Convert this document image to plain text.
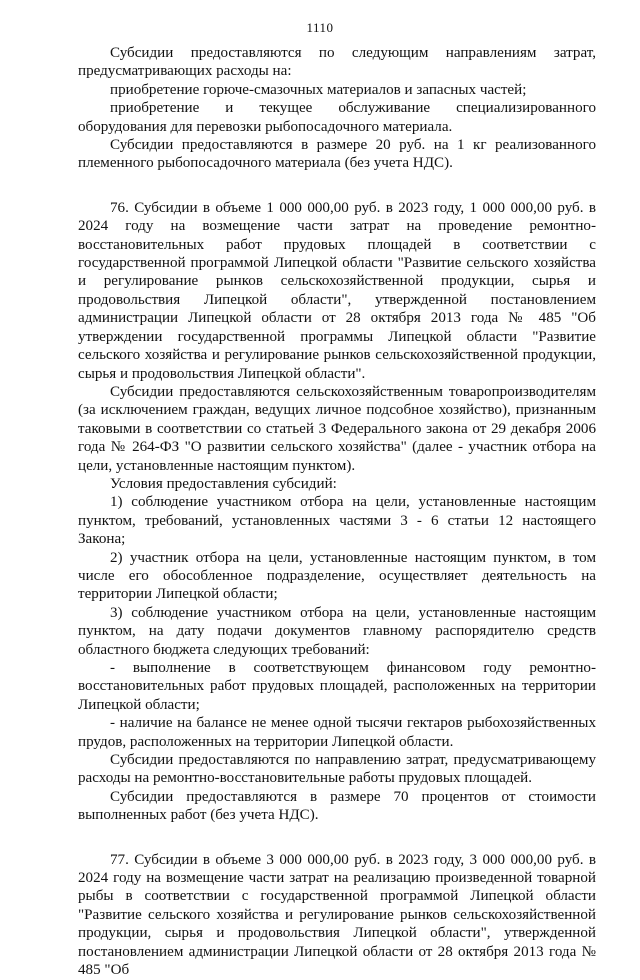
1110

Субсидии предоставляются по следующим направлениям затрат, предусматривающих расходы на:

приобретение горюче-смазочных материалов и запасных частей;

приобретение и текущее обслуживание специализированного оборудования для перевозки рыбопосадочного материала.

Субсидии предоставляются в размере 20 руб. на 1 кг реализованного племенного рыбопосадочного материала (без учета НДС).

76. Субсидии в объеме 1 000 000,00 руб. в 2023 году, 1 000 000,00 руб. в 2024 году на возмещение части затрат на проведение ремонтно-восстановительных работ прудовых площадей в соответствии с государственной программой Липецкой области "Развитие сельского хозяйства и регулирование рынков сельскохозяйственной продукции, сырья и продовольствия Липецкой области", утвержденной постановлением администрации Липецкой области от 28 октября 2013 года № 485 "Об утверждении государственной программы Липецкой области "Развитие сельского хозяйства и регулирование рынков сельскохозяйственной продукции, сырья и продовольствия Липецкой области".

Субсидии предоставляются сельскохозяйственным товаропроизводителям (за исключением граждан, ведущих личное подсобное хозяйство), признанным таковыми в соответствии со статьей 3 Федерального закона от 29 декабря 2006 года № 264-ФЗ "О развитии сельского хозяйства" (далее - участник отбора на цели, установленные настоящим пунктом).

Условия предоставления субсидий:

1) соблюдение участником отбора на цели, установленные настоящим пунктом, требований, установленных частями 3 - 6 статьи 12 настоящего Закона;

2) участник отбора на цели, установленные настоящим пунктом, в том числе его обособленное подразделение, осуществляет деятельность на территории Липецкой области;

3) соблюдение участником отбора на цели, установленные настоящим пунктом, на дату подачи документов главному распорядителю средств областного бюджета следующих требований:

- выполнение в соответствующем финансовом году ремонтно-восстановительных работ прудовых площадей, расположенных на территории Липецкой области;

- наличие на балансе не менее одной тысячи гектаров рыбохозяйственных прудов, расположенных на территории Липецкой области.

Субсидии предоставляются по направлению затрат, предусматривающему расходы на ремонтно-восстановительные работы прудовых площадей.

Субсидии предоставляются в размере 70 процентов от стоимости выполненных работ (без учета НДС).

77. Субсидии в объеме 3 000 000,00 руб. в 2023 году, 3 000 000,00 руб. в 2024 году на возмещение части затрат на реализацию произведенной товарной рыбы в соответствии с государственной программой Липецкой области "Развитие сельского хозяйства и регулирование рынков сельскохозяйственной продукции, сырья и продовольствия Липецкой области", утвержденной постановлением администрации Липецкой области от 28 октября 2013 года № 485 "Об
